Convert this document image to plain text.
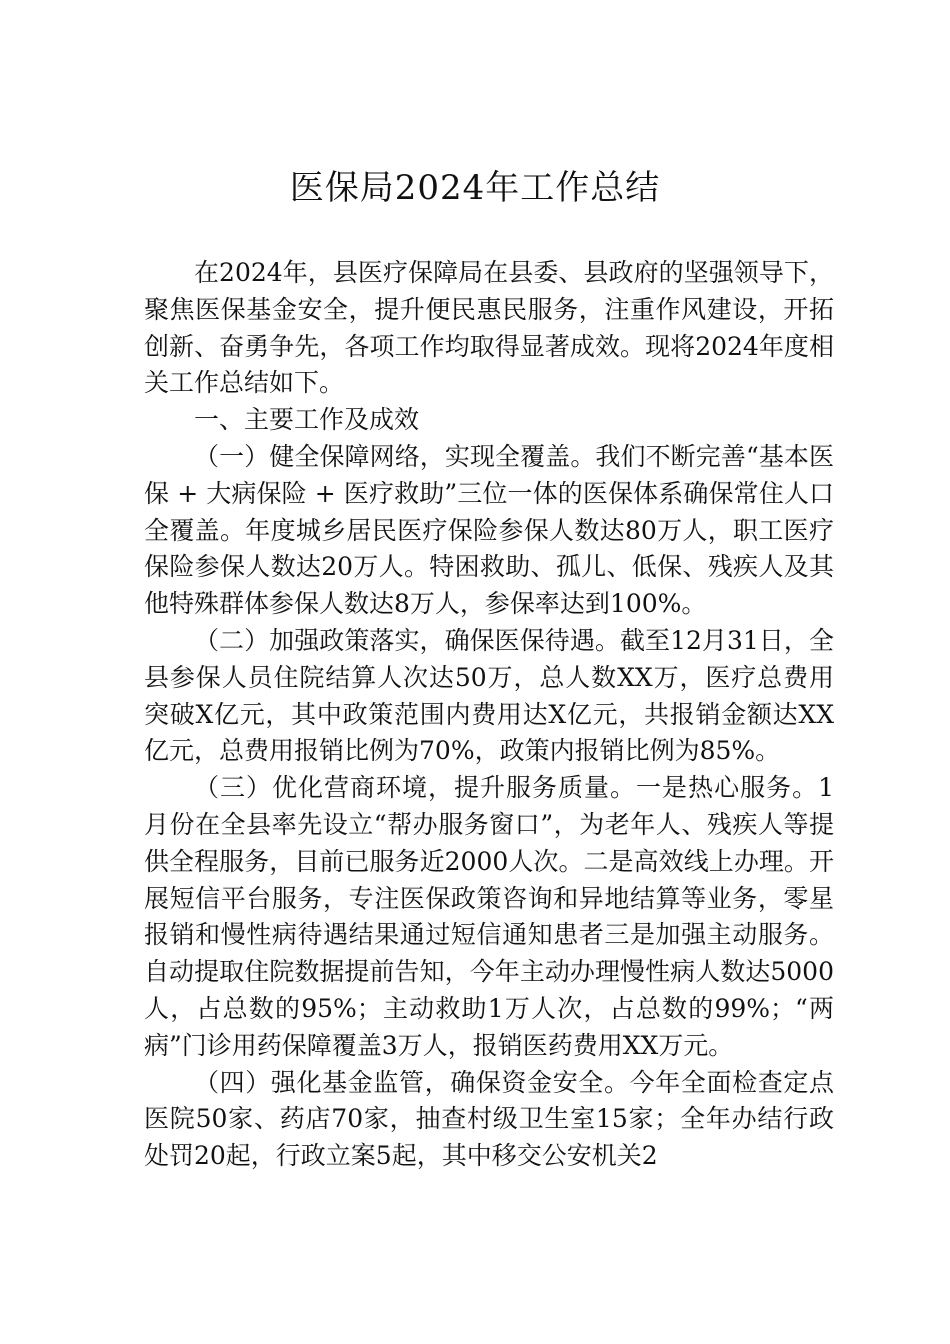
医保局2024年工作总结

在2024年，县医疗保障局在县委、县政府的坚强领导下，聚焦医保基金安全，提升便民惠民服务，注重作风建设，开拓创新、奋勇争先，各项工作均取得显著成效。现将2024年度相关工作总结如下。

一、主要工作及成效

（一）健全保障网络，实现全覆盖。我们不断完善“基本医保 + 大病保险 + 医疗救助”三位一体的医保体系确保常住人口全覆盖。年度城乡居民医疗保险参保人数达80万人，职工医疗保险参保人数达20万人。特困救助、孤儿、低保、残疾人及其他特殊群体参保人数达8万人，参保率达到100%。

（二）加强政策落实，确保医保待遇。截至12月31日，全县参保人员住院结算人次达50万，总人数XX万，医疗总费用突破X亿元，其中政策范围内费用达X亿元，共报销金额达XX亿元，总费用报销比例为70%，政策内报销比例为85%。

（三）优化营商环境，提升服务质量。一是热心服务。1月份在全县率先设立“帮办服务窗口”，为老年人、残疾人等提供全程服务，目前已服务近2000人次。二是高效线上办理。开展短信平台服务，专注医保政策咨询和异地结算等业务，零星报销和慢性病待遇结果通过短信通知患者三是加强主动服务。自动提取住院数据提前告知，今年主动办理慢性病人数达5000人，占总数的95%；主动救助1万人次，占总数的99%；“两病”门诊用药保障覆盖3万人，报销医药费用XX万元。

（四）强化基金监管，确保资金安全。今年全面检查定点医院50家、药店70家，抽查村级卫生室15家；全年办结行政处罚20起，行政立案5起，其中移交公安机关2
